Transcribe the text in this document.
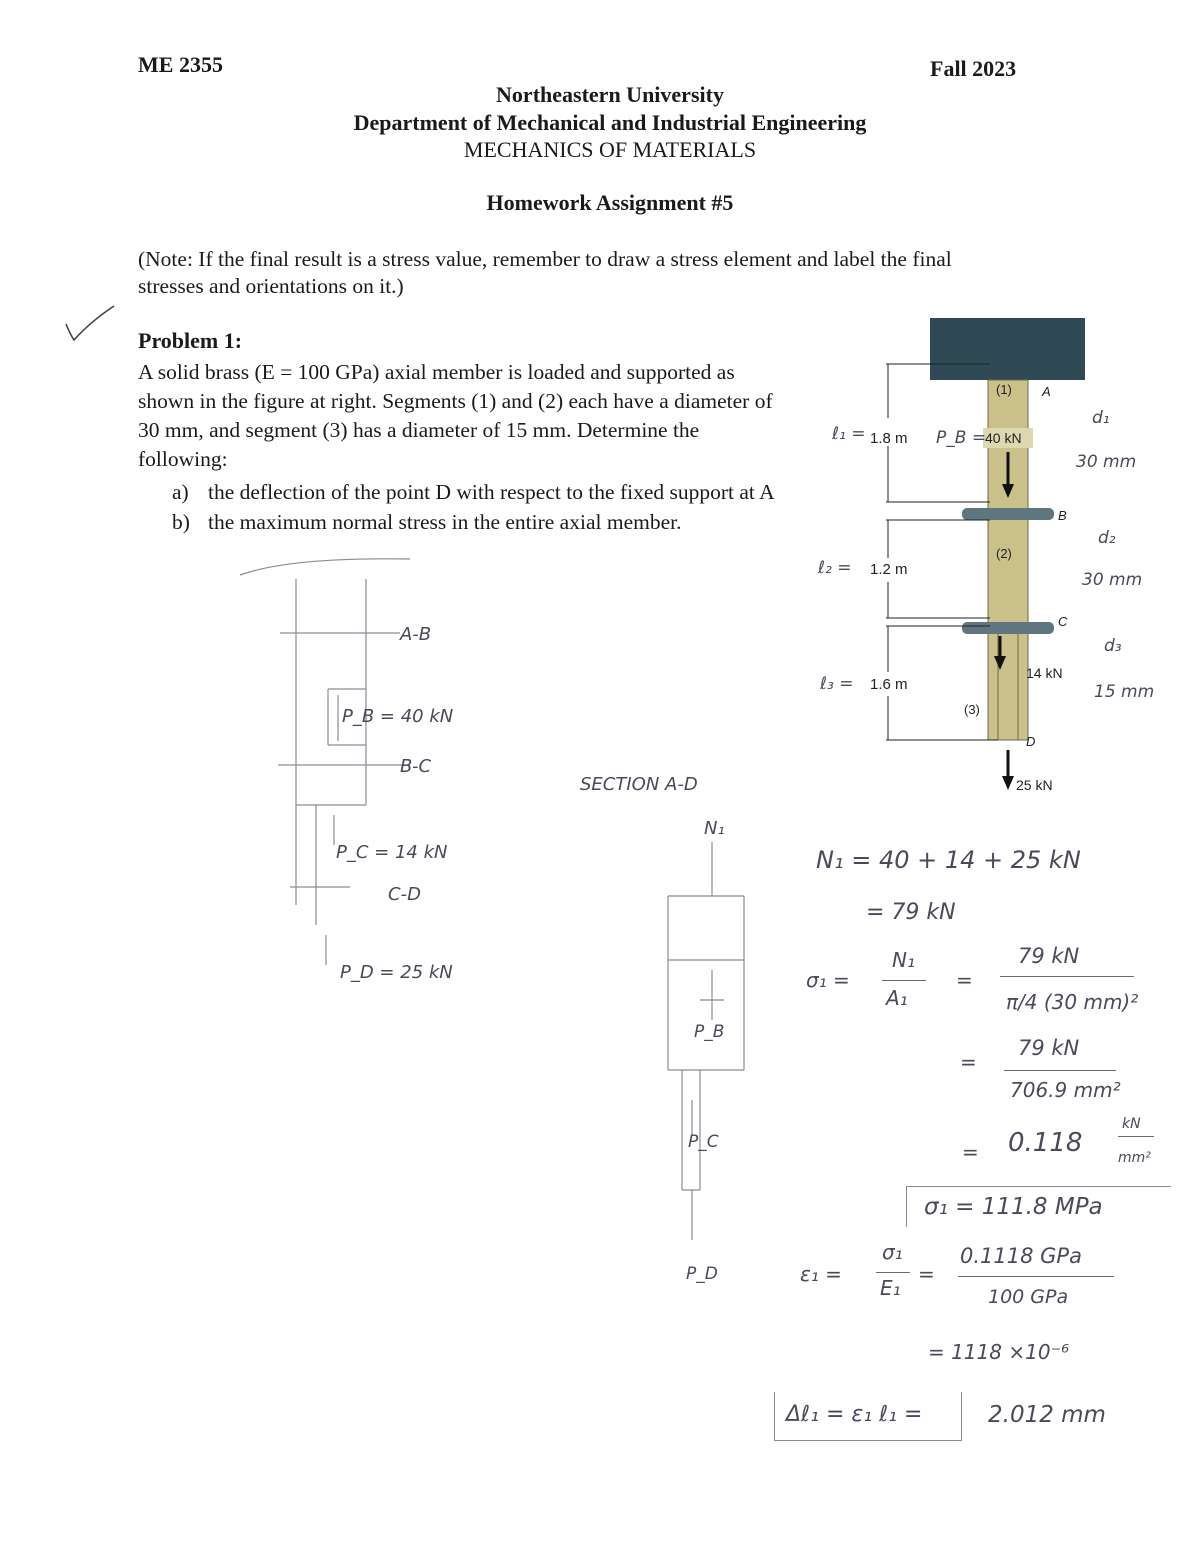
ME 2355	Fall 2023
Northeastern University
Department of Mechanical and Industrial Engineering
MECHANICS OF MATERIALS
Homework Assignment #5
(Note: If the final result is a stress value, remember to draw a stress element and label the final
stresses and orientations on it.)
Problem 1:
A solid brass (E = 100 GPa) axial member is loaded and supported as
shown in the figure at right. Segments (1) and (2) each have a diameter of
30 mm, and segment (3) has a diameter of 15 mm. Determine the
following:
a) the deflection of the point D with respect to the fixed support at A
b) the maximum normal stress in the entire axial member.
1.8 m
1.2 m
1.6 m
(1)
(2)
(3)
A
B
C
D
40 kN
14 kN
25 kN
ℓ₁ =	P_B =
ℓ₂ =
ℓ₃ =
d₁
30 mm
d₂
30 mm
d₃
15 mm
A-B
P_B = 40 kN
B-C
P_C = 14 kN
C-D
P_D = 25 kN
SECTION A-D
N₁
P_B
P_C
P_D
N₁ = 40 + 14 + 25 kN
= 79 kN
σ₁ =
N₁
A₁
=
79 kN
π/4 (30 mm)²
=
79 kN
706.9 mm²
= 0.118
kN
mm²
σ₁ = 111.8 MPa
ε₁ =
σ₁
E₁
=
0.1118 GPa
100 GPa
= 1118 ×10⁻⁶
Δℓ₁ = ε₁ ℓ₁ =	2.012 mm
